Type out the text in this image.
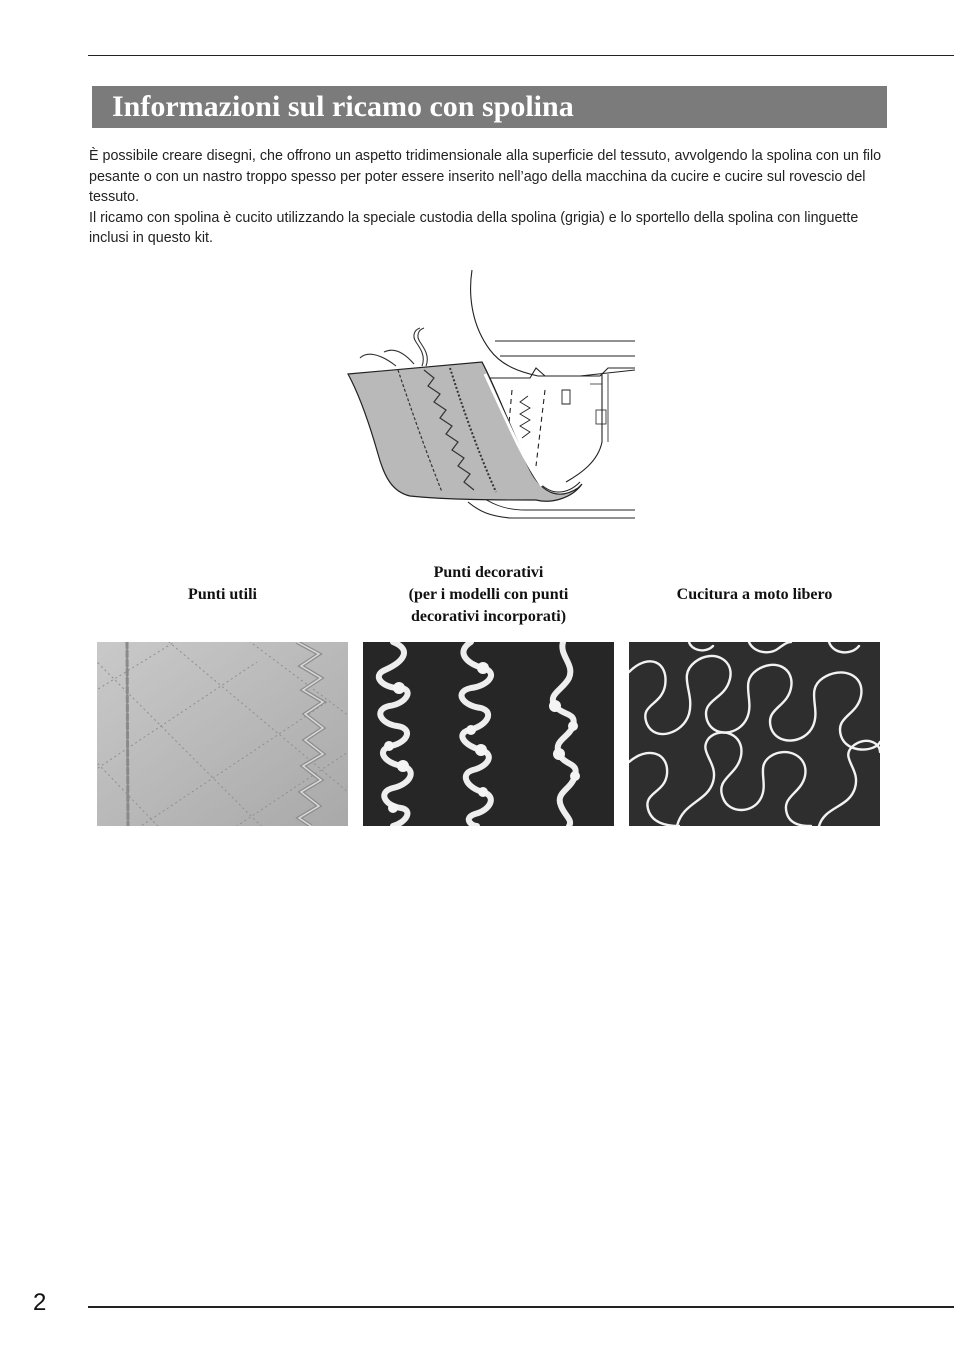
Informazioni sul ricamo con spolina

È possibile creare disegni, che offrono un aspetto tridimensionale alla superficie del tessuto, avvolgendo la spolina con un filo pesante o con un nastro troppo spesso per poter essere inserito nell’ago della macchina da cucire e cucire sul rovescio del tessuto.

Il ricamo con spolina è cucito utilizzando la speciale custodia della spolina (grigia) e lo sportello della spolina con linguette inclusi in questo kit.

Punti utili
Punti decorativi
(per i modelli con punti
decorativi incorporati)
Cucitura a moto libero
2
